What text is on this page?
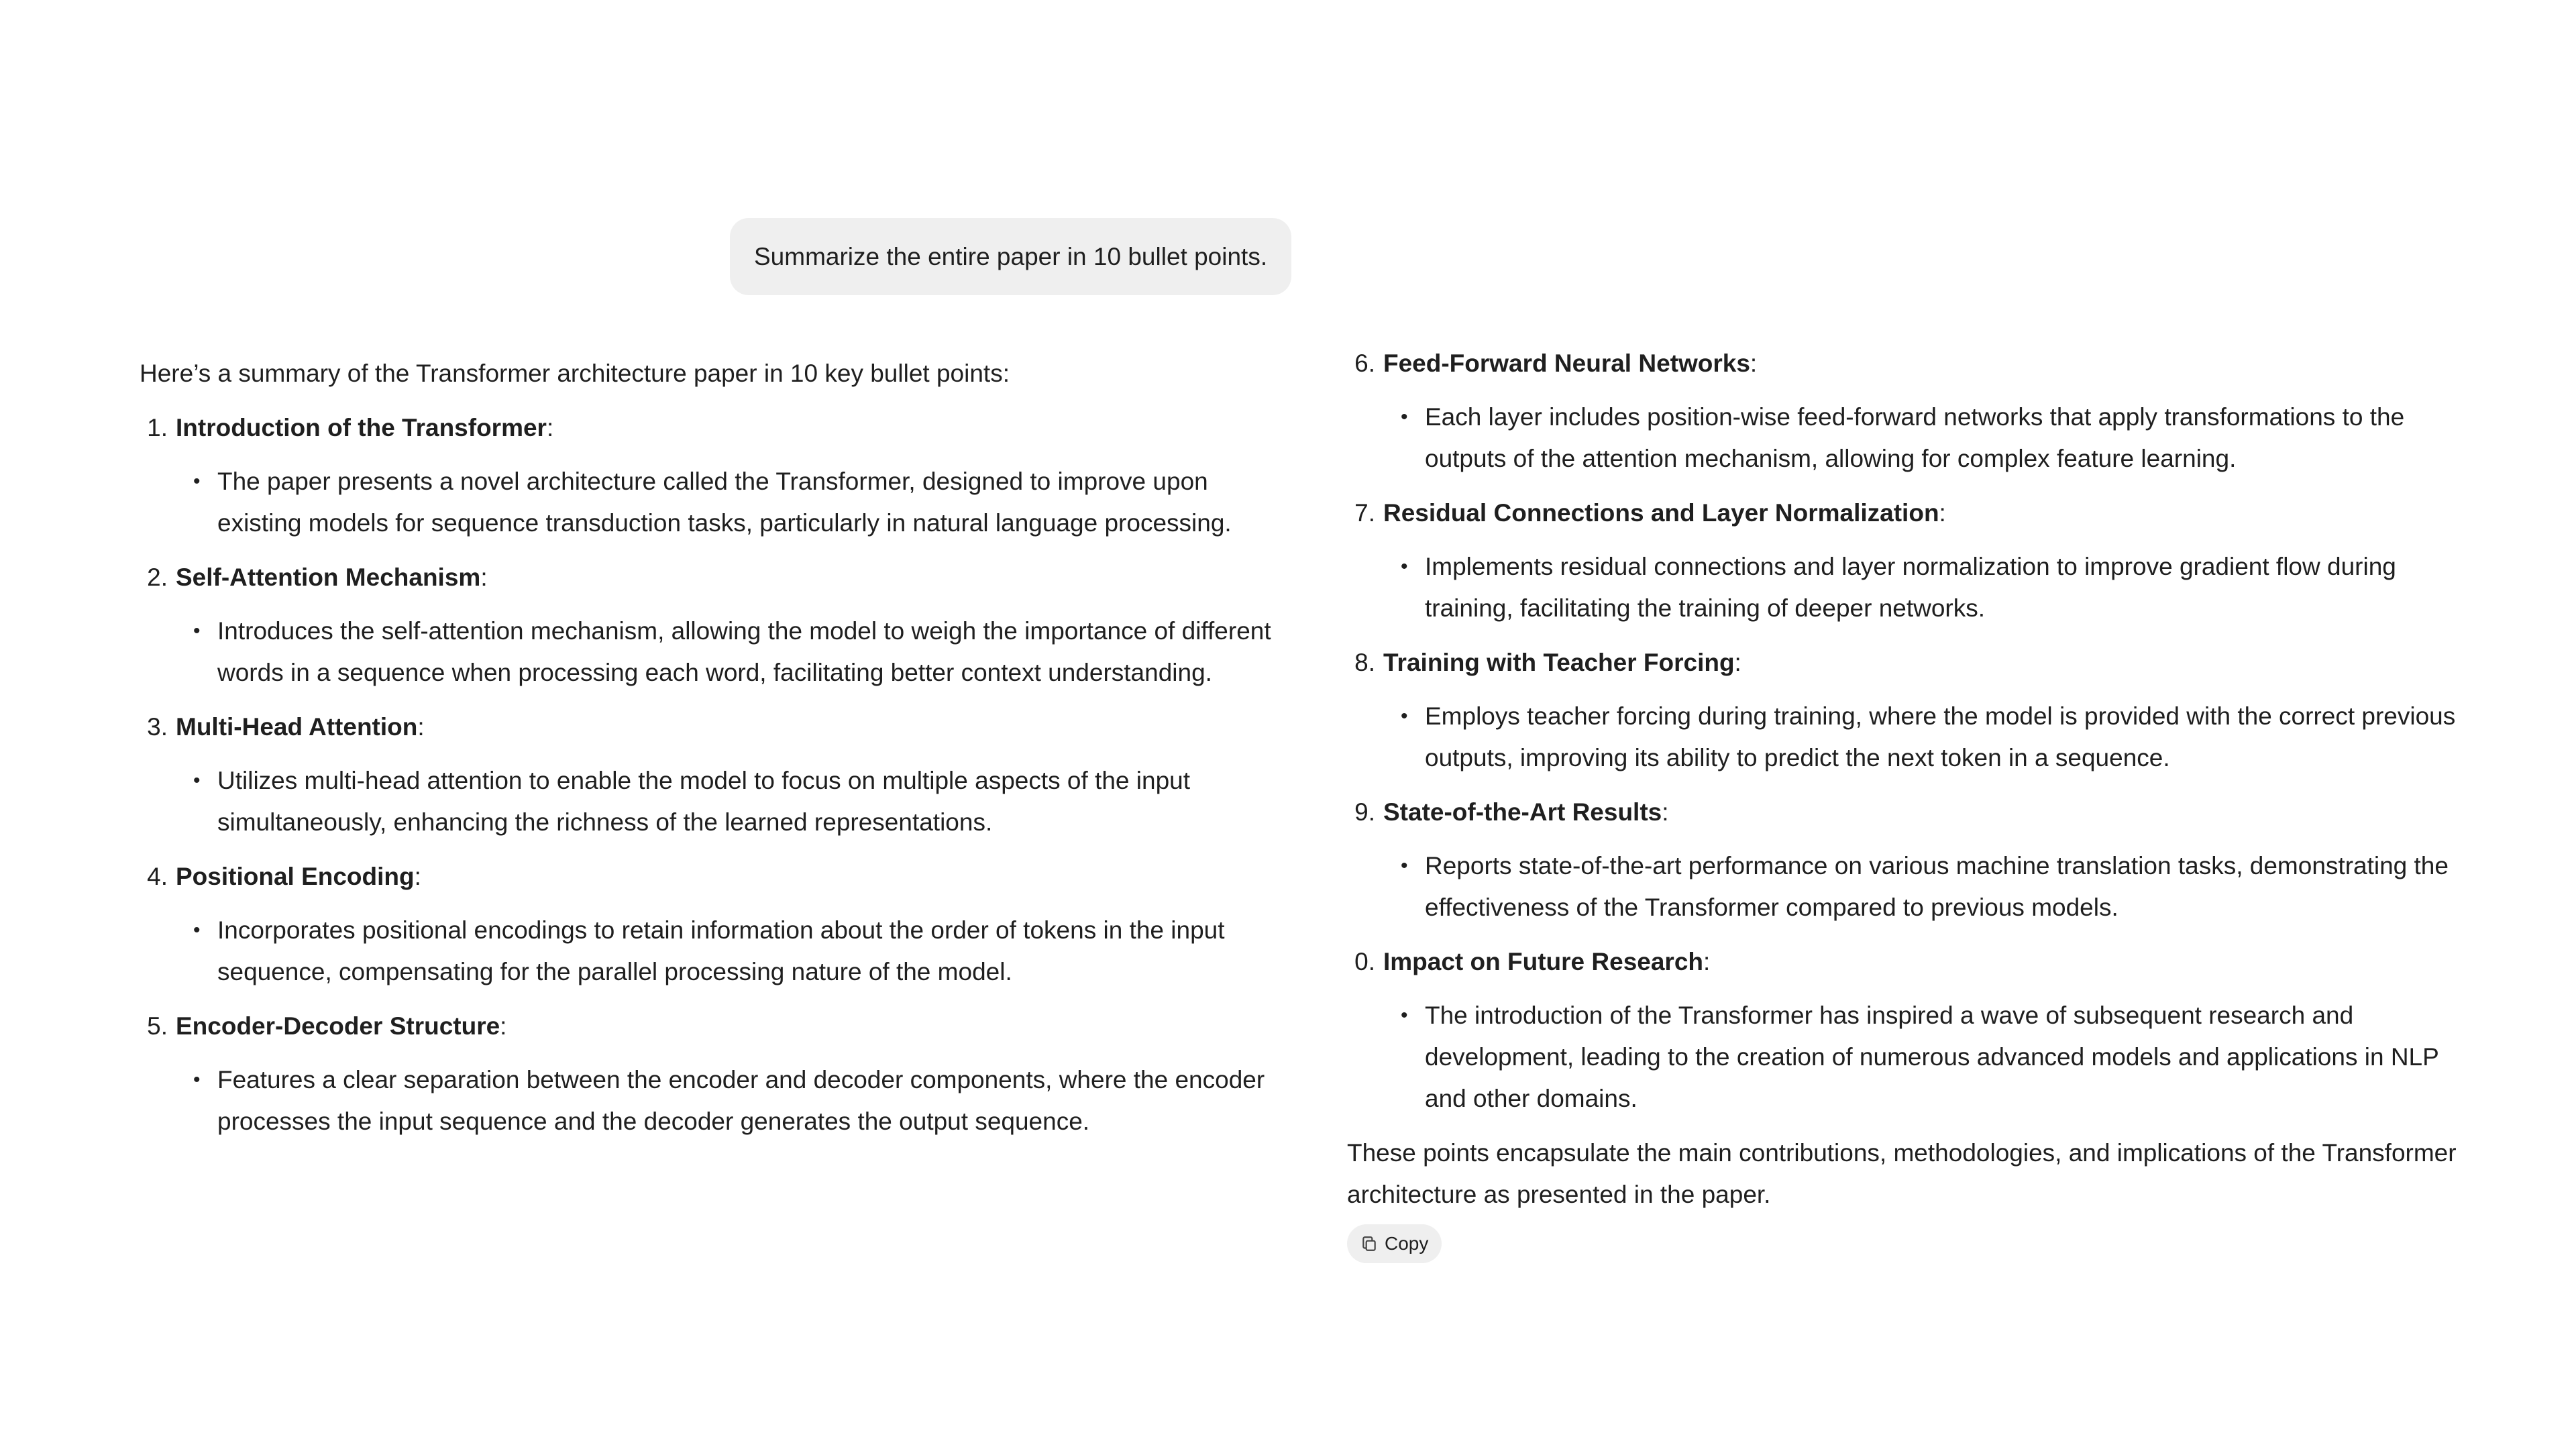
Summarize the entire paper in 10 bullet points.

Here’s a summary of the Transformer architecture paper in 10 key bullet points:

1. Introduction of the Transformer:
• The paper presents a novel architecture called the Transformer, designed to improve upon existing models for sequence transduction tasks, particularly in natural language processing.
2. Self-Attention Mechanism:
• Introduces the self-attention mechanism, allowing the model to weigh the importance of different words in a sequence when processing each word, facilitating better context understanding.
3. Multi-Head Attention:
• Utilizes multi-head attention to enable the model to focus on multiple aspects of the input simultaneously, enhancing the richness of the learned representations.
4. Positional Encoding:
• Incorporates positional encodings to retain information about the order of tokens in the input sequence, compensating for the parallel processing nature of the model.
5. Encoder-Decoder Structure:
• Features a clear separation between the encoder and decoder components, where the encoder processes the input sequence and the decoder generates the output sequence.
6. Feed-Forward Neural Networks:
• Each layer includes position-wise feed-forward networks that apply transformations to the outputs of the attention mechanism, allowing for complex feature learning.
7. Residual Connections and Layer Normalization:
• Implements residual connections and layer normalization to improve gradient flow during training, facilitating the training of deeper networks.
8. Training with Teacher Forcing:
• Employs teacher forcing during training, where the model is provided with the correct previous outputs, improving its ability to predict the next token in a sequence.
9. State-of-the-Art Results:
• Reports state-of-the-art performance on various machine translation tasks, demonstrating the effectiveness of the Transformer compared to previous models.
0. Impact on Future Research:
• The introduction of the Transformer has inspired a wave of subsequent research and development, leading to the creation of numerous advanced models and applications in NLP and other domains.

These points encapsulate the main contributions, methodologies, and implications of the Transformer architecture as presented in the paper.

Copy
